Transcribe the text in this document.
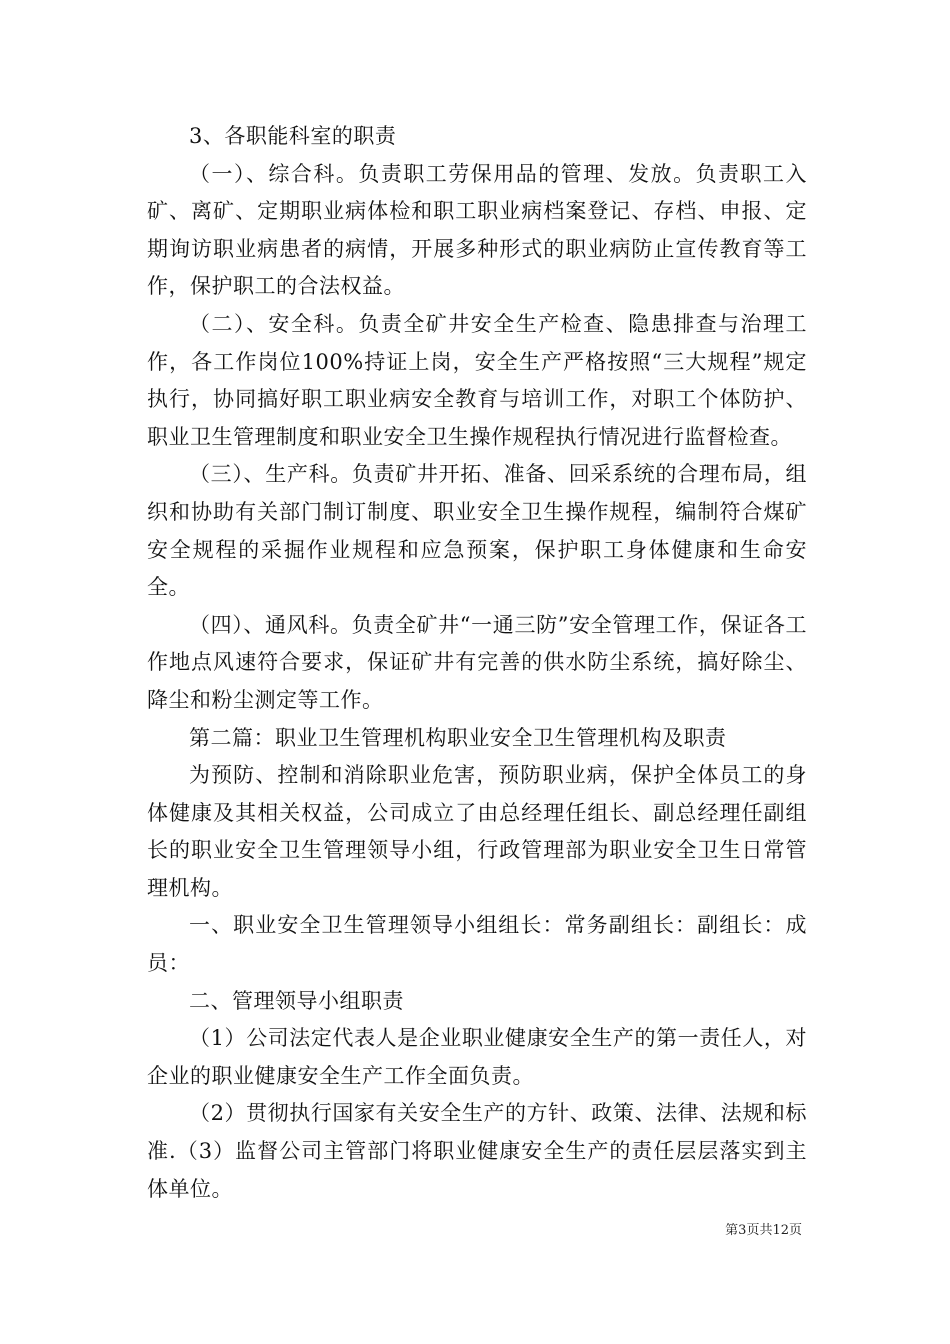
3、各职能科室的职责

（一）、综合科。负责职工劳保用品的管理、发放。负责职工入矿、离矿、定期职业病体检和职工职业病档案登记、存档、申报、定期询访职业病患者的病情，开展多种形式的职业病防止宣传教育等工作，保护职工的合法权益。

（二）、安全科。负责全矿井安全生产检查、隐患排查与治理工作，各工作岗位100%持证上岗，安全生产严格按照“三大规程”规定执行，协同搞好职工职业病安全教育与培训工作，对职工个体防护、职业卫生管理制度和职业安全卫生操作规程执行情况进行监督检查。

（三）、生产科。负责矿井开拓、准备、回采系统的合理布局，组织和协助有关部门制订制度、职业安全卫生操作规程，编制符合煤矿安全规程的采掘作业规程和应急预案，保护职工身体健康和生命安全。

（四）、通风科。负责全矿井“一通三防”安全管理工作，保证各工作地点风速符合要求，保证矿井有完善的供水防尘系统，搞好除尘、降尘和粉尘测定等工作。

第二篇：职业卫生管理机构职业安全卫生管理机构及职责

为预防、控制和消除职业危害，预防职业病，保护全体员工的身体健康及其相关权益，公司成立了由总经理任组长、副总经理任副组长的职业安全卫生管理领导小组，行政管理部为职业安全卫生日常管理机构。

一、职业安全卫生管理领导小组组长：常务副组长：副组长：成员：

二、管理领导小组职责

（1）公司法定代表人是企业职业健康安全生产的第一责任人，对企业的职业健康安全生产工作全面负责。

（2）贯彻执行国家有关安全生产的方针、政策、法律、法规和标准.（3）监督公司主管部门将职业健康安全生产的责任层层落实到主体单位。

第3页共12页
